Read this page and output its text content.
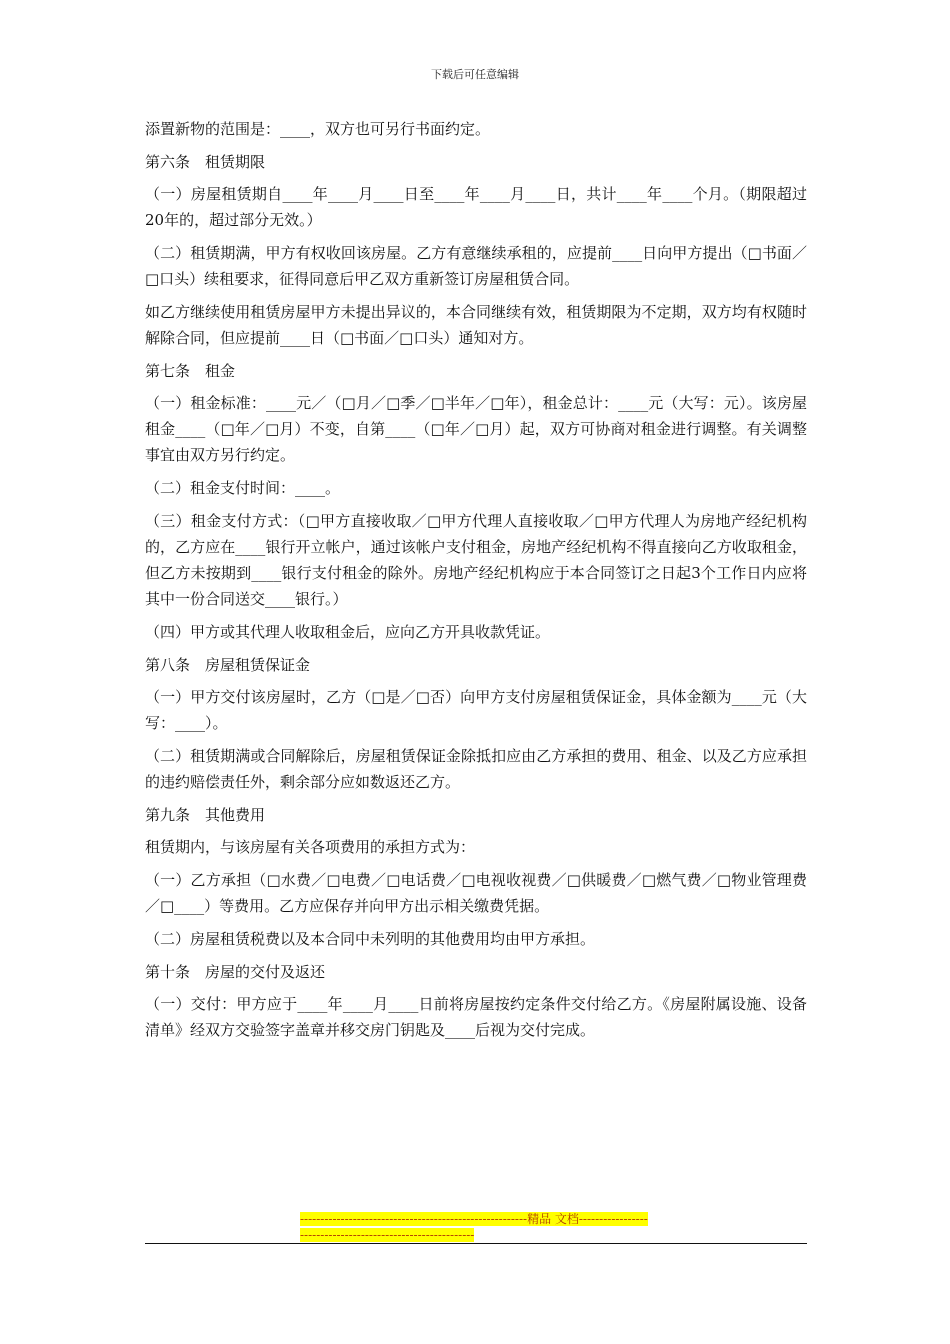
下载后可任意编辑

添置新物的范围是：____，双方也可另行书面约定。

第六条　租赁期限

（一）房屋租赁期自____年____月____日至____年____月____日，共计____年____个月。（期限超过20年的，超过部分无效。）

（二）租赁期满，甲方有权收回该房屋。乙方有意继续承租的，应提前____日向甲方提出（□书面／□口头）续租要求，征得同意后甲乙双方重新签订房屋租赁合同。

如乙方继续使用租赁房屋甲方未提出异议的，本合同继续有效，租赁期限为不定期，双方均有权随时解除合同，但应提前____日（□书面／□口头）通知对方。

第七条　租金

（一）租金标准：____元／（□月／□季／□半年／□年），租金总计：____元（大写：元）。该房屋租金____（□年／□月）不变，自第____（□年／□月）起，双方可协商对租金进行调整。有关调整事宜由双方另行约定。

（二）租金支付时间：____。

（三）租金支付方式：（□甲方直接收取／□甲方代理人直接收取／□甲方代理人为房地产经纪机构的，乙方应在____银行开立帐户，通过该帐户支付租金，房地产经纪机构不得直接向乙方收取租金，但乙方未按期到____银行支付租金的除外。房地产经纪机构应于本合同签订之日起3个工作日内应将其中一份合同送交____银行。）

（四）甲方或其代理人收取租金后，应向乙方开具收款凭证。

第八条　房屋租赁保证金

（一）甲方交付该房屋时，乙方（□是／□否）向甲方支付房屋租赁保证金，具体金额为____元（大写：____）。

（二）租赁期满或合同解除后，房屋租赁保证金除抵扣应由乙方承担的费用、租金、以及乙方应承担的违约赔偿责任外，剩余部分应如数返还乙方。

第九条　其他费用

租赁期内，与该房屋有关各项费用的承担方式为：

（一）乙方承担（□水费／□电费／□电话费／□电视收视费／□供暖费／□燃气费／□物业管理费／□____）等费用。乙方应保存并向甲方出示相关缴费凭据。

（二）房屋租赁税费以及本合同中未列明的其他费用均由甲方承担。

第十条　房屋的交付及返还

（一）交付：甲方应于____年____月____日前将房屋按约定条件交付给乙方。《房屋附属设施、设备清单》经双方交验签字盖章并移交房门钥匙及____后视为交付完成。

--------------------------------------------------------精品 文档------------------------------------------------------------
